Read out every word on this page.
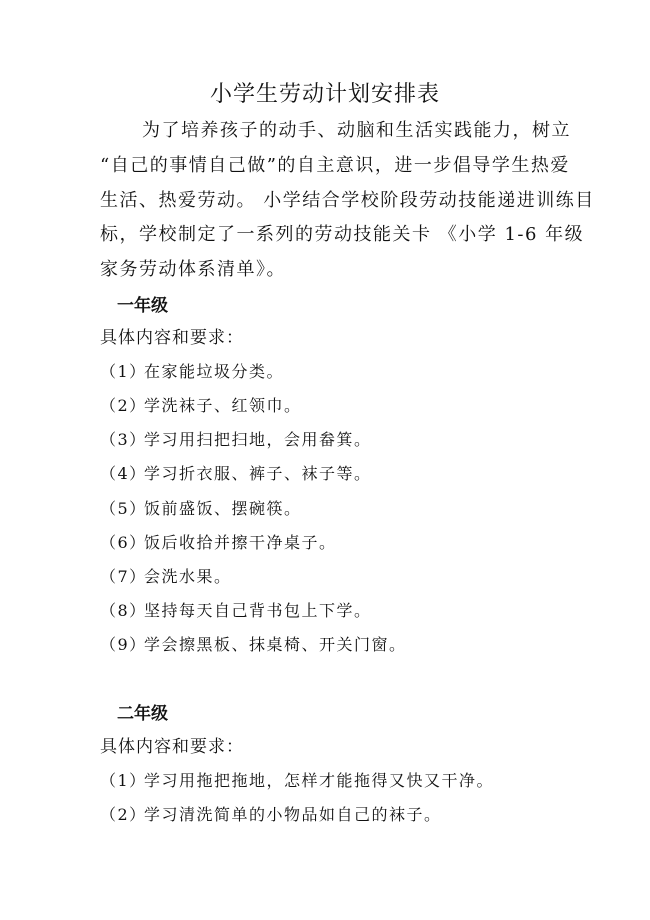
小学生劳动计划安排表
为了培养孩子的动手、动脑和生活实践能力，树立
“自己的事情自己做”的自主意识，进一步倡导学生热爱
生活、热爱劳动。 小学结合学校阶段劳动技能递进训练目
标，学校制定了一系列的劳动技能关卡 《小学 1-6 年级
家务劳动体系清单》。
一年级
具体内容和要求：
（1）在家能垃圾分类。
（2）学洗袜子、红领巾。
（3）学习用扫把扫地，会用畚箕。
（4）学习折衣服、裤子、袜子等。
（5）饭前盛饭、摆碗筷。
（6）饭后收拾并擦干净桌子。
（7）会洗水果。
（8）坚持每天自己背书包上下学。
（9）学会擦黑板、抹桌椅、开关门窗。
二年级
具体内容和要求：
（1）学习用拖把拖地，怎样才能拖得又快又干净。
（2）学习清洗简单的小物品如自己的袜子。
